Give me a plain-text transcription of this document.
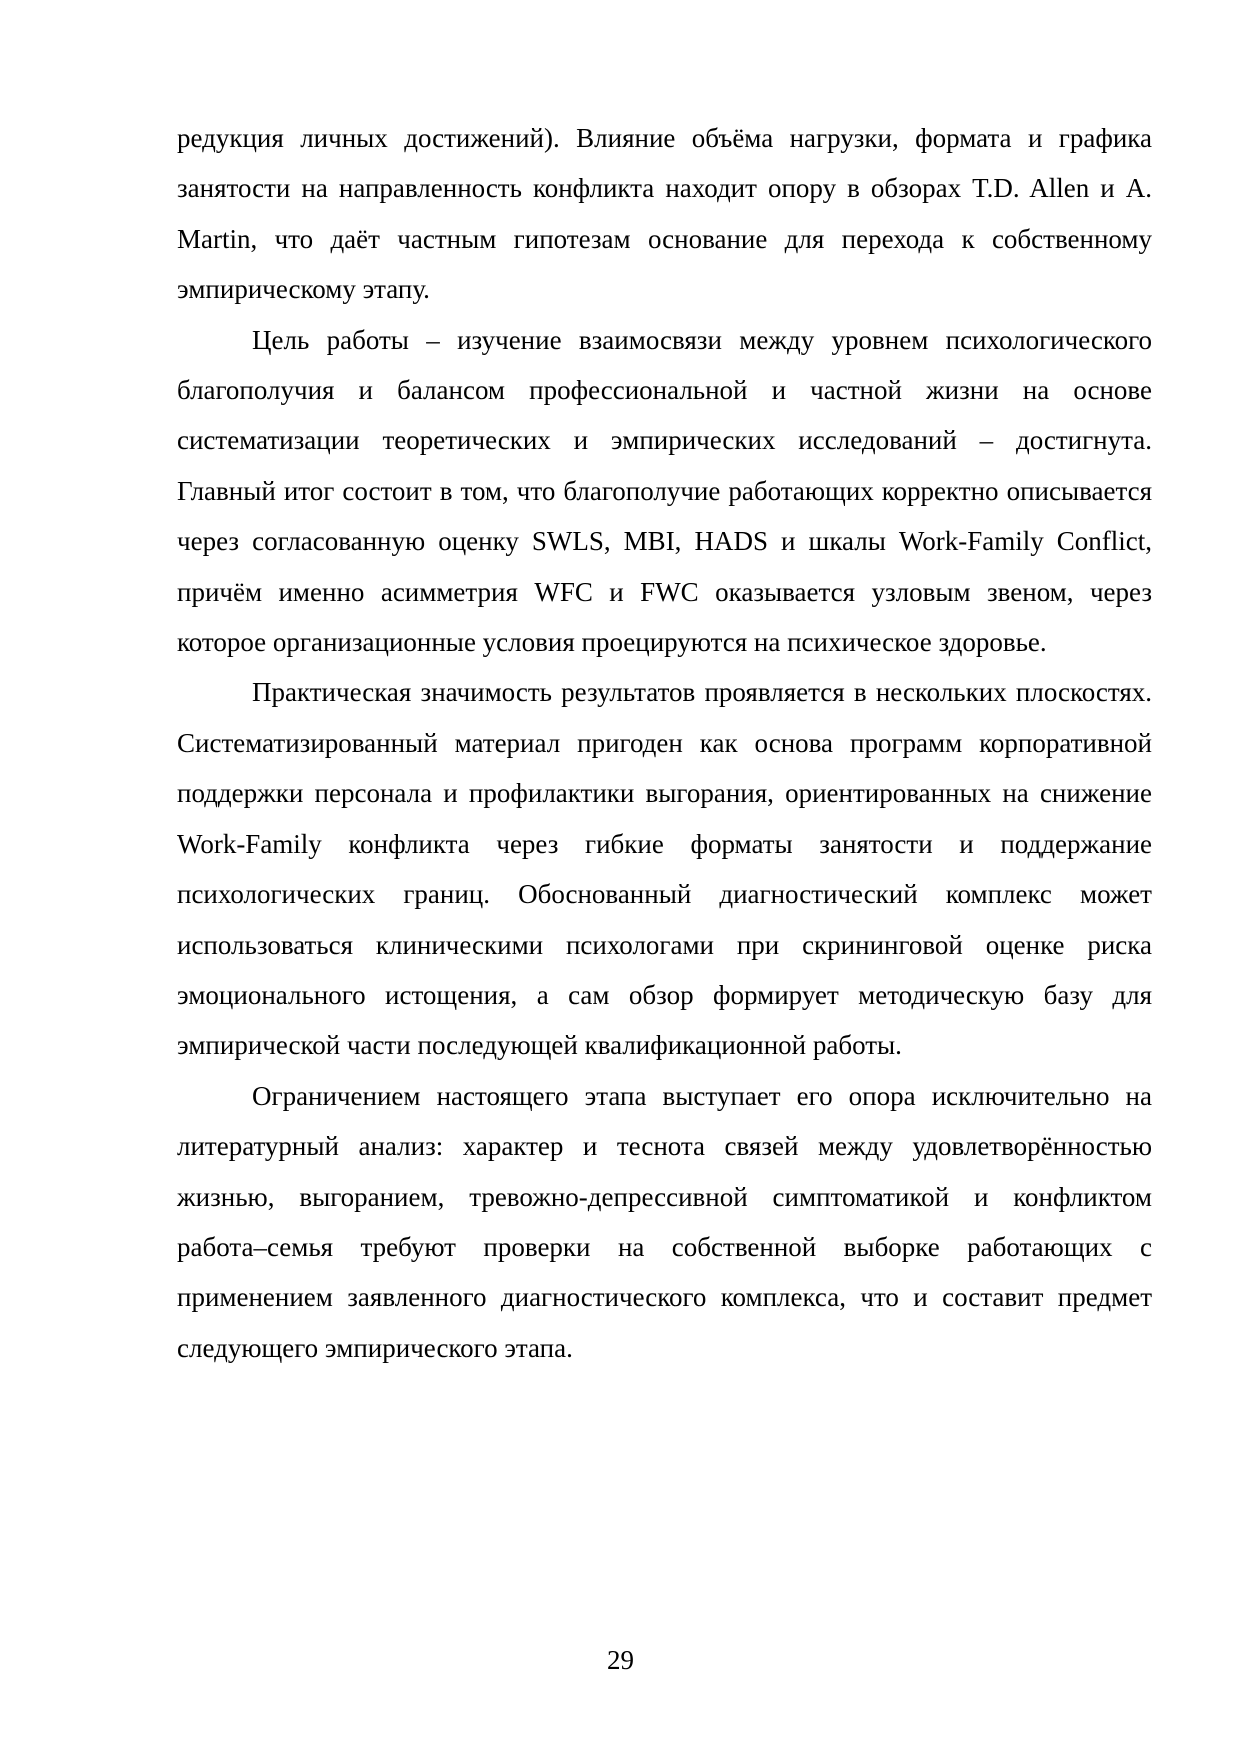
редукция личных достижений). Влияние объёма нагрузки, формата и графика занятости на направленность конфликта находит опору в обзорах T.D. Allen и A. Martin, что даёт частным гипотезам основание для перехода к собственному эмпирическому этапу.

Цель работы – изучение взаимосвязи между уровнем психологического благополучия и балансом профессиональной и частной жизни на основе систематизации теоретических и эмпирических исследований – достигнута. Главный итог состоит в том, что благополучие работающих корректно описывается через согласованную оценку SWLS, MBI, HADS и шкалы Work-Family Conflict, причём именно асимметрия WFC и FWC оказывается узловым звеном, через которое организационные условия проецируются на психическое здоровье.

Практическая значимость результатов проявляется в нескольких плоскостях. Систематизированный материал пригоден как основа программ корпоративной поддержки персонала и профилактики выгорания, ориентированных на снижение Work-Family конфликта через гибкие форматы занятости и поддержание психологических границ. Обоснованный диагностический комплекс может использоваться клиническими психологами при скрининговой оценке риска эмоционального истощения, а сам обзор формирует методическую базу для эмпирической части последующей квалификационной работы.

Ограничением настоящего этапа выступает его опора исключительно на литературный анализ: характер и теснота связей между удовлетворённостью жизнью, выгоранием, тревожно-депрессивной симптоматикой и конфликтом работа–семья требуют проверки на собственной выборке работающих с применением заявленного диагностического комплекса, что и составит предмет следующего эмпирического этапа.

29
